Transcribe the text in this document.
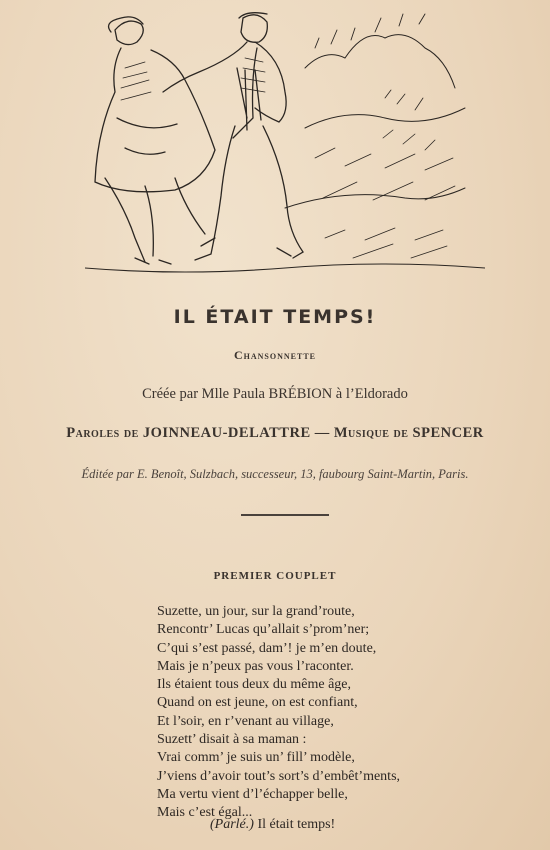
IL ÉTAIT TEMPS!
Chansonnette
Créée par Mlle Paula BRÉBION à l’Eldorado
Paroles de JOINNEAU-DELATTRE — Musique de SPENCER
Éditée par E. Benoît, Sulzbach, successeur, 13, faubourg Saint-Martin, Paris.
PREMIER COUPLET
Suzette, un jour, sur la grand’route,
Rencontr’ Lucas qu’allait s’prom’ner;
C’qui s’est passé, dam’! je m’en doute,
Mais je n’peux pas vous l’raconter.
Ils étaient tous deux du même âge,
Quand on est jeune, on est confiant,
Et l’soir, en r’venant au village,
Suzett’ disait à sa maman :
Vrai comm’ je suis un’ fill’ modèle,
J’viens d’avoir tout’s sort’s d’embêt’ments,
Ma vertu vient d’l’échapper belle,
Mais c’est égal...
(Parlé.) Il était temps!
